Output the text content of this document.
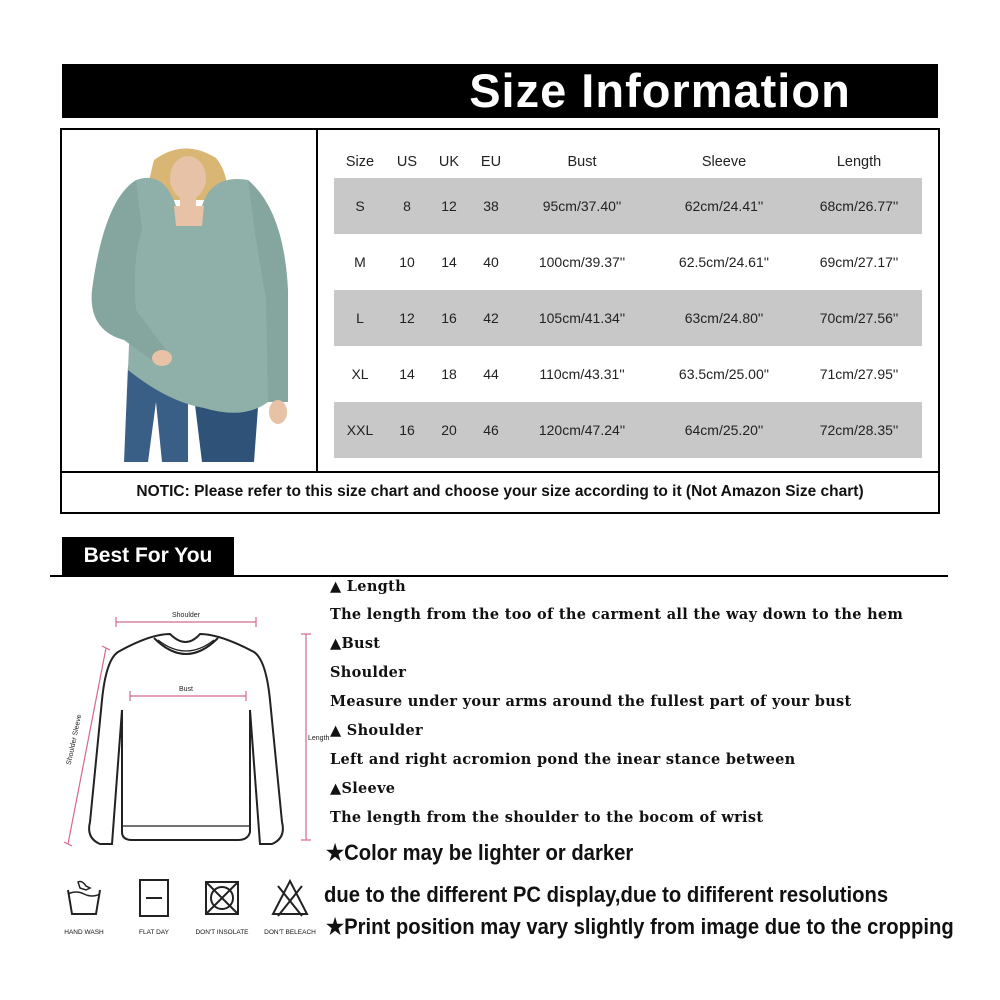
Size Information
Size	US	UK	EU	Bust	Sleeve	Length
S	8	12	38	95cm/37.40''	62cm/24.41''	68cm/26.77''
M	10	14	40	100cm/39.37''	62.5cm/24.61''	69cm/27.17''
L	12	16	42	105cm/41.34''	63cm/24.80''	70cm/27.56''
XL	14	18	44	110cm/43.31''	63.5cm/25.00''	71cm/27.95''
XXL	16	20	46	120cm/47.24''	64cm/25.20''	72cm/28.35''
NOTIC: Please refer to this size chart and choose your size according to it (Not Amazon Size chart)
Best For You
Shoulder
Bust
Length
Shoulder Sleeve
▲ Length
The length from the too of the carment all the way down to the hem
▲Bust
Shoulder
Measure under your arms around the fullest part of your bust
▲ Shoulder
Left and right acromion pond the inear stance between
▲Sleeve
The length from the shoulder to the bocom of wrist
★Color may be lighter or darker
due to the different PC display,due to dififerent resolutions
★Print position may vary slightly from image due to the cropping
HAND WASH	FLAT DAY	DON'T INSOLATE	DON'T BELEACH
